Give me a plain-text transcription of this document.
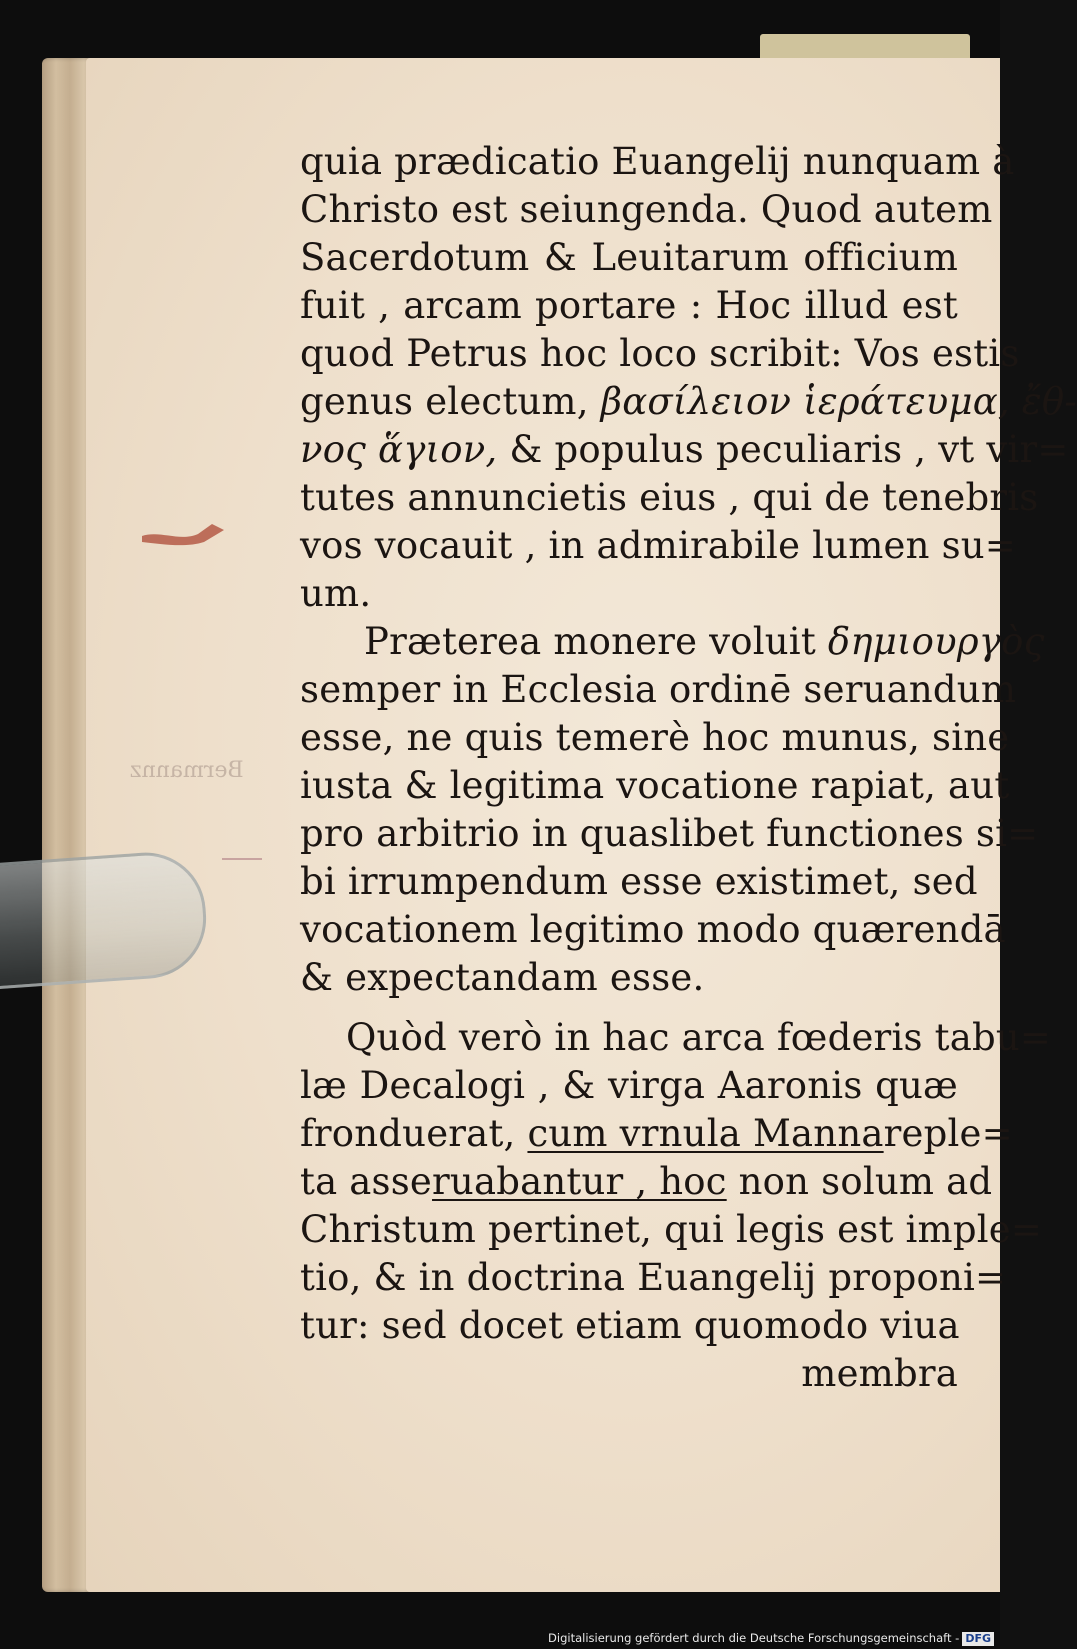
Bermannz
quia prædicatio Euangelij nunquam à
Christo est seiungenda. Quod autem
Sacerdotum & Leuitarum officium
fuit , arcam portare : Hoc illud est
quod Petrus hoc loco scribit: Vos estis
genus electum, βασίλειον ἱεράτευμα, ἔθ-
νος ἅγιον, & populus peculiaris , vt vir=
tutes annuncietis eius , qui de tenebris
vos vocauit , in admirabile lumen su=
um.
Præterea monere voluit δημιουργὸς
semper in Ecclesia ordinē seruandum
esse, ne quis temerè hoc munus, sine
iusta & legitima vocatione rapiat, aut
pro arbitrio in quaslibet functiones si=
bi irrumpendum esse existimet, sed
vocationem legitimo modo quærendā
& expectandam esse.
Quòd verò in hac arca fœderis tabu=
læ Decalogi , & virga Aaronis quæ
fronduerat, cum vrnula Mannareple=
ta asseruabantur , hoc non solum ad
Christum pertinet, qui legis est imple=
tio, & in doctrina Euangelij proponi=
tur: sed docet etiam quomodo viua
membra
Digitalisierung gefördert durch die Deutsche Forschungsgemeinschaft - DFG
